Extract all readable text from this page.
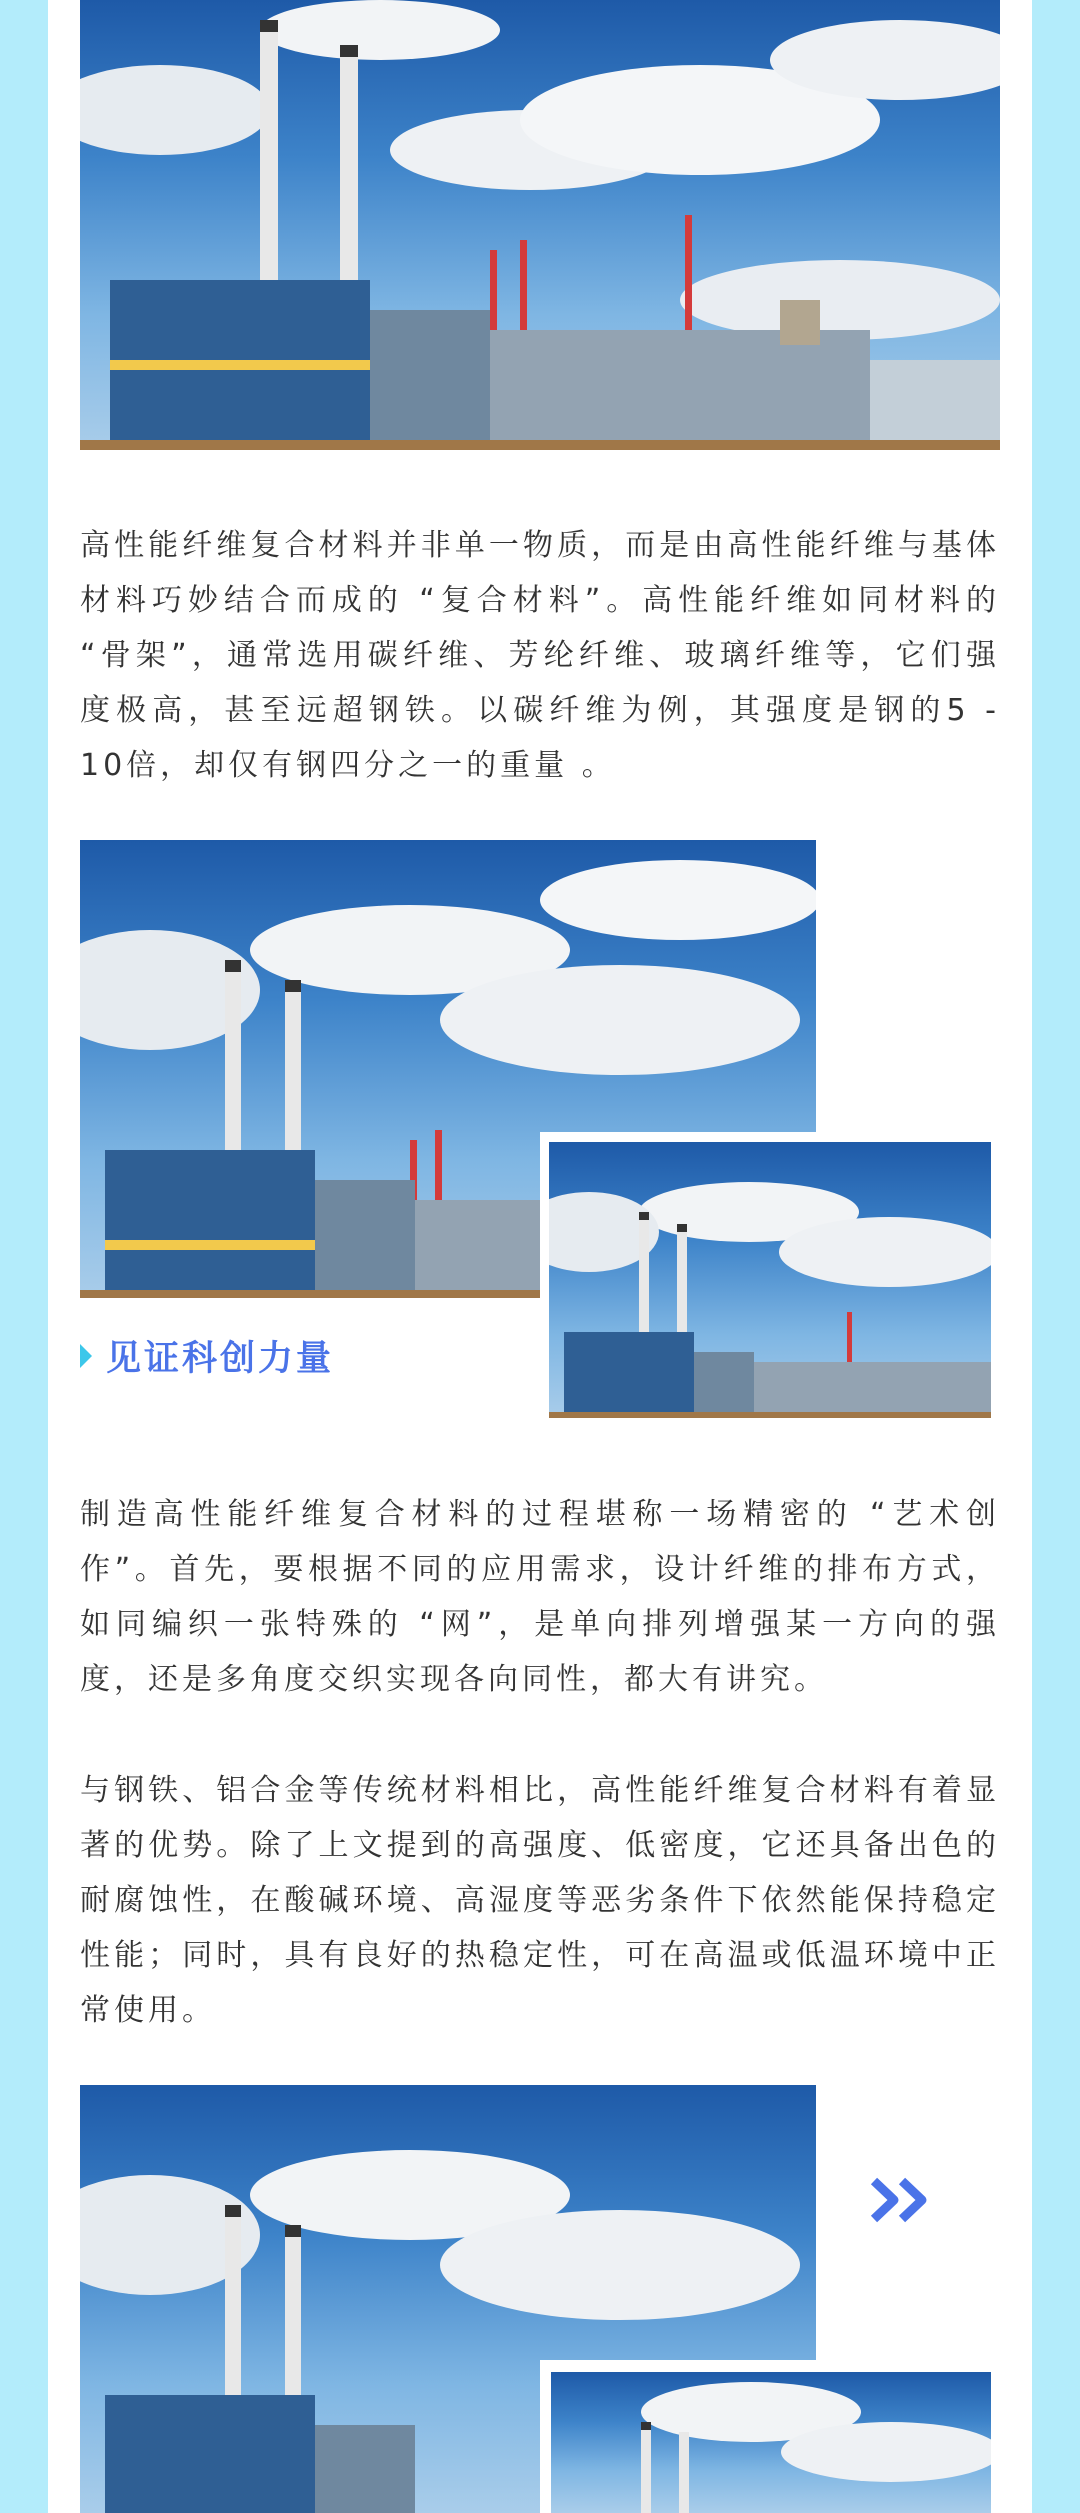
高性能纤维复合材料并非单一物质，而是由高性能纤维与基体材料巧妙结合而成的 “复合材料”。高性能纤维如同材料的 “骨架”，通常选用碳纤维、芳纶纤维、玻璃纤维等，它们强度极高，甚至远超钢铁。以碳纤维为例，其强度是钢的5 - 10倍，却仅有钢四分之一的重量 。

见证科创力量

制造高性能纤维复合材料的过程堪称一场精密的 “艺术创作”。首先，要根据不同的应用需求，设计纤维的排布方式，如同编织一张特殊的 “网”，是单向排列增强某一方向的强度，还是多角度交织实现各向同性，都大有讲究。

与钢铁、铝合金等传统材料相比，高性能纤维复合材料有着显著的优势。除了上文提到的高强度、低密度，它还具备出色的耐腐蚀性，在酸碱环境、高湿度等恶劣条件下依然能保持稳定性能；同时，具有良好的热稳定性，可在高温或低温环境中正常使用。
